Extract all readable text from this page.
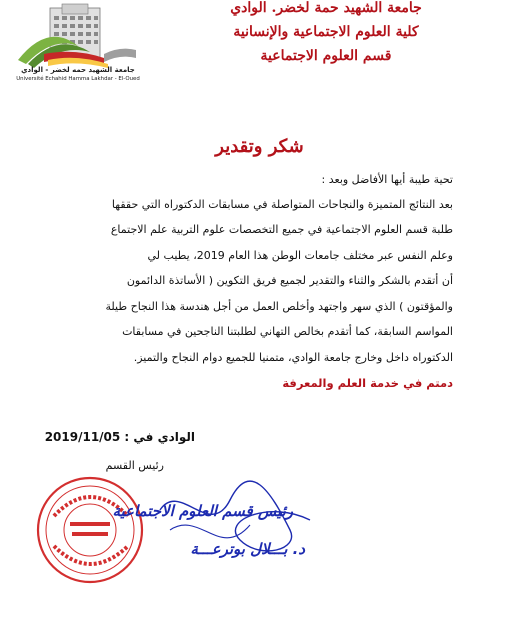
جامعة الشهيد حمه لخضر - الوادي
Université Echahid Hamma Lakhdar - El-Oued
جامعة الشهيد حمة لخضر. الوادي
كلية العلوم الاجتماعية والإنسانية
قسم العلوم الاجتماعية
شكر وتقدير
تحية طيبة أيها الأفاضل وبعد :
بعد النتائج المتميزة والنجاحات المتواصلة في مسابقات الدكتوراه التي حققها
طلبة قسم العلوم الاجتماعية في جميع التخصصات علوم التربية علم الاجتماع
وعلم النفس عبر مختلف جامعات الوطن هذا العام 2019، يطيب لي
أن أتقدم بالشكر والثناء والتقدير لجميع فريق التكوين ( الأساتذة الدائمون
والمؤقتون ) الذي سهر واجتهد وأخلص العمل من أجل هندسة هذا النجاح طيلة
المواسم السابقة، كما أتقدم بخالص التهاني لطلبتنا الناجحين في مسابقات
الدكتوراه داخل وخارج جامعة الوادي، متمنيا للجميع دوام النجاح والتميز.
دمتم في خدمة العلم والمعرفة
الوادي في : 2019/11/05
رئيس القسم
رئيس قسم العلوم الاجتماعية
د. بـــلال بوترعـــة
